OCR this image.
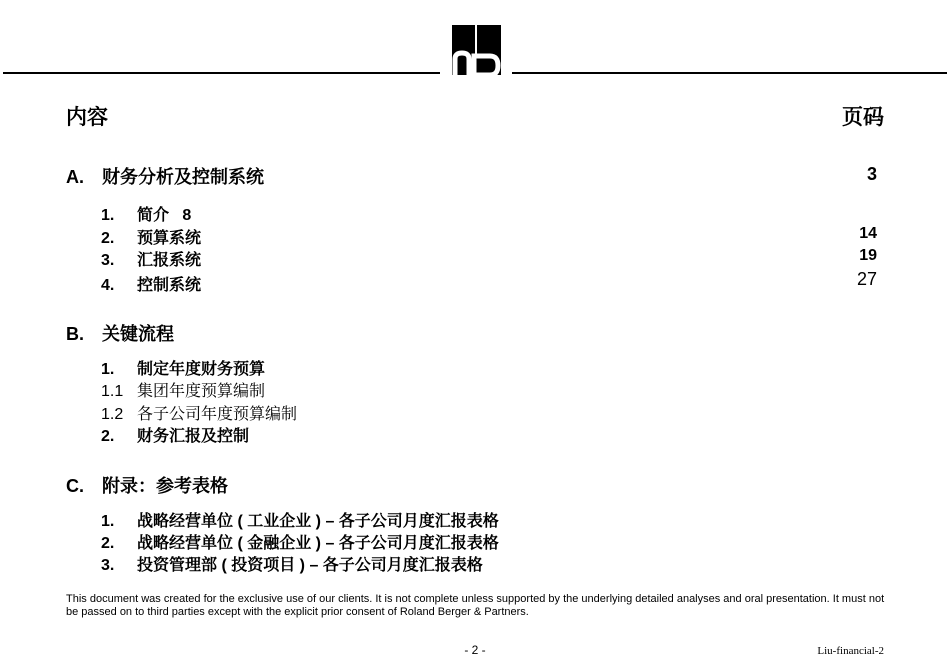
内容	页码
A. 财务分析及控制系统	3
1. 简介 8
2. 预算系统	14
3. 汇报系统	19
4. 控制系统	27
B. 关键流程
1. 制定年度财务预算
1.1 集团年度预算编制
1.2 各子公司年度预算编制
2. 财务汇报及控制
C. 附录：参考表格
1. 战略经营单位 ( 工业企业 ) – 各子公司月度汇报表格
2. 战略经营单位 ( 金融企业 ) – 各子公司月度汇报表格
3. 投资管理部 ( 投资项目 ) – 各子公司月度汇报表格
This document was created for the exclusive use of our clients. It is not complete unless supported by the underlying detailed analyses and oral presentation. It must not be passed on to third parties except with the explicit prior consent of Roland Berger & Partners.
- 2 -	Liu-financial-2
